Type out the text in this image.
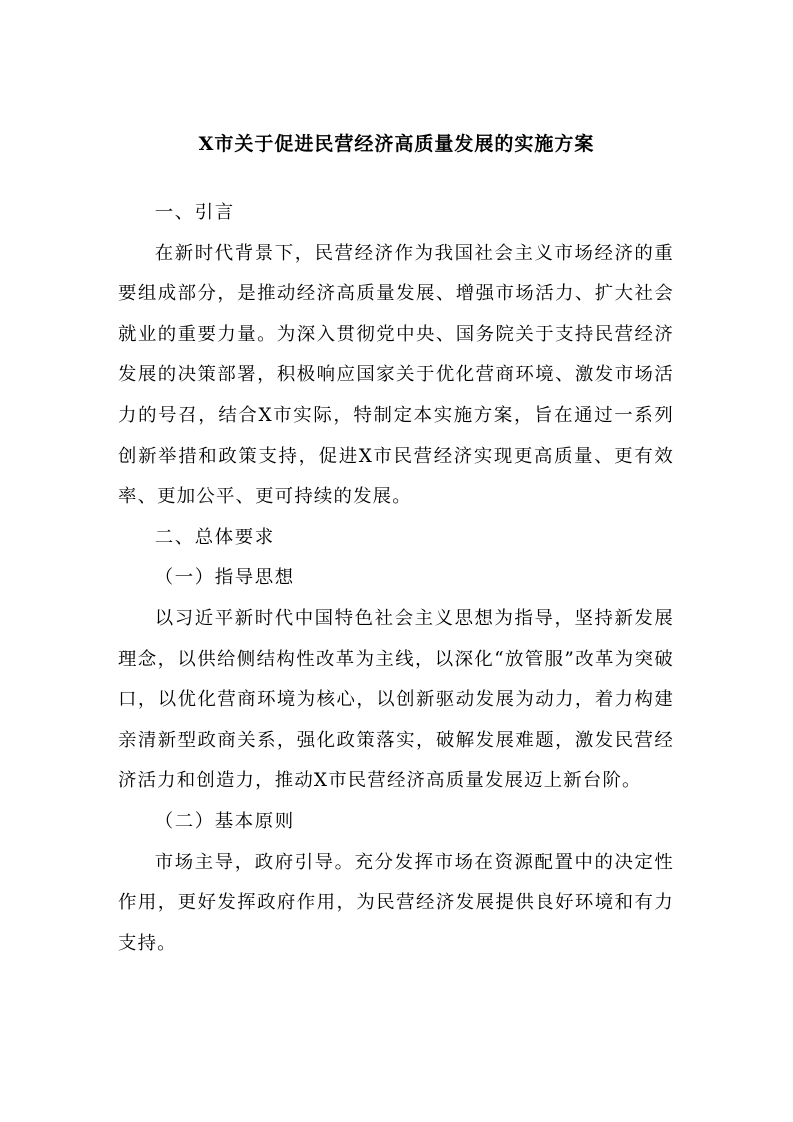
X市关于促进民营经济高质量发展的实施方案

一、引言

在新时代背景下，民营经济作为我国社会主义市场经济的重要组成部分，是推动经济高质量发展、增强市场活力、扩大社会就业的重要力量。为深入贯彻党中央、国务院关于支持民营经济发展的决策部署，积极响应国家关于优化营商环境、激发市场活力的号召，结合X市实际，特制定本实施方案，旨在通过一系列创新举措和政策支持，促进X市民营经济实现更高质量、更有效率、更加公平、更可持续的发展。

二、总体要求

（一）指导思想

以习近平新时代中国特色社会主义思想为指导，坚持新发展理念，以供给侧结构性改革为主线，以深化“放管服”改革为突破口，以优化营商环境为核心，以创新驱动发展为动力，着力构建亲清新型政商关系，强化政策落实，破解发展难题，激发民营经济活力和创造力，推动X市民营经济高质量发展迈上新台阶。

（二）基本原则

市场主导，政府引导。充分发挥市场在资源配置中的决定性作用，更好发挥政府作用，为民营经济发展提供良好环境和有力支持。
